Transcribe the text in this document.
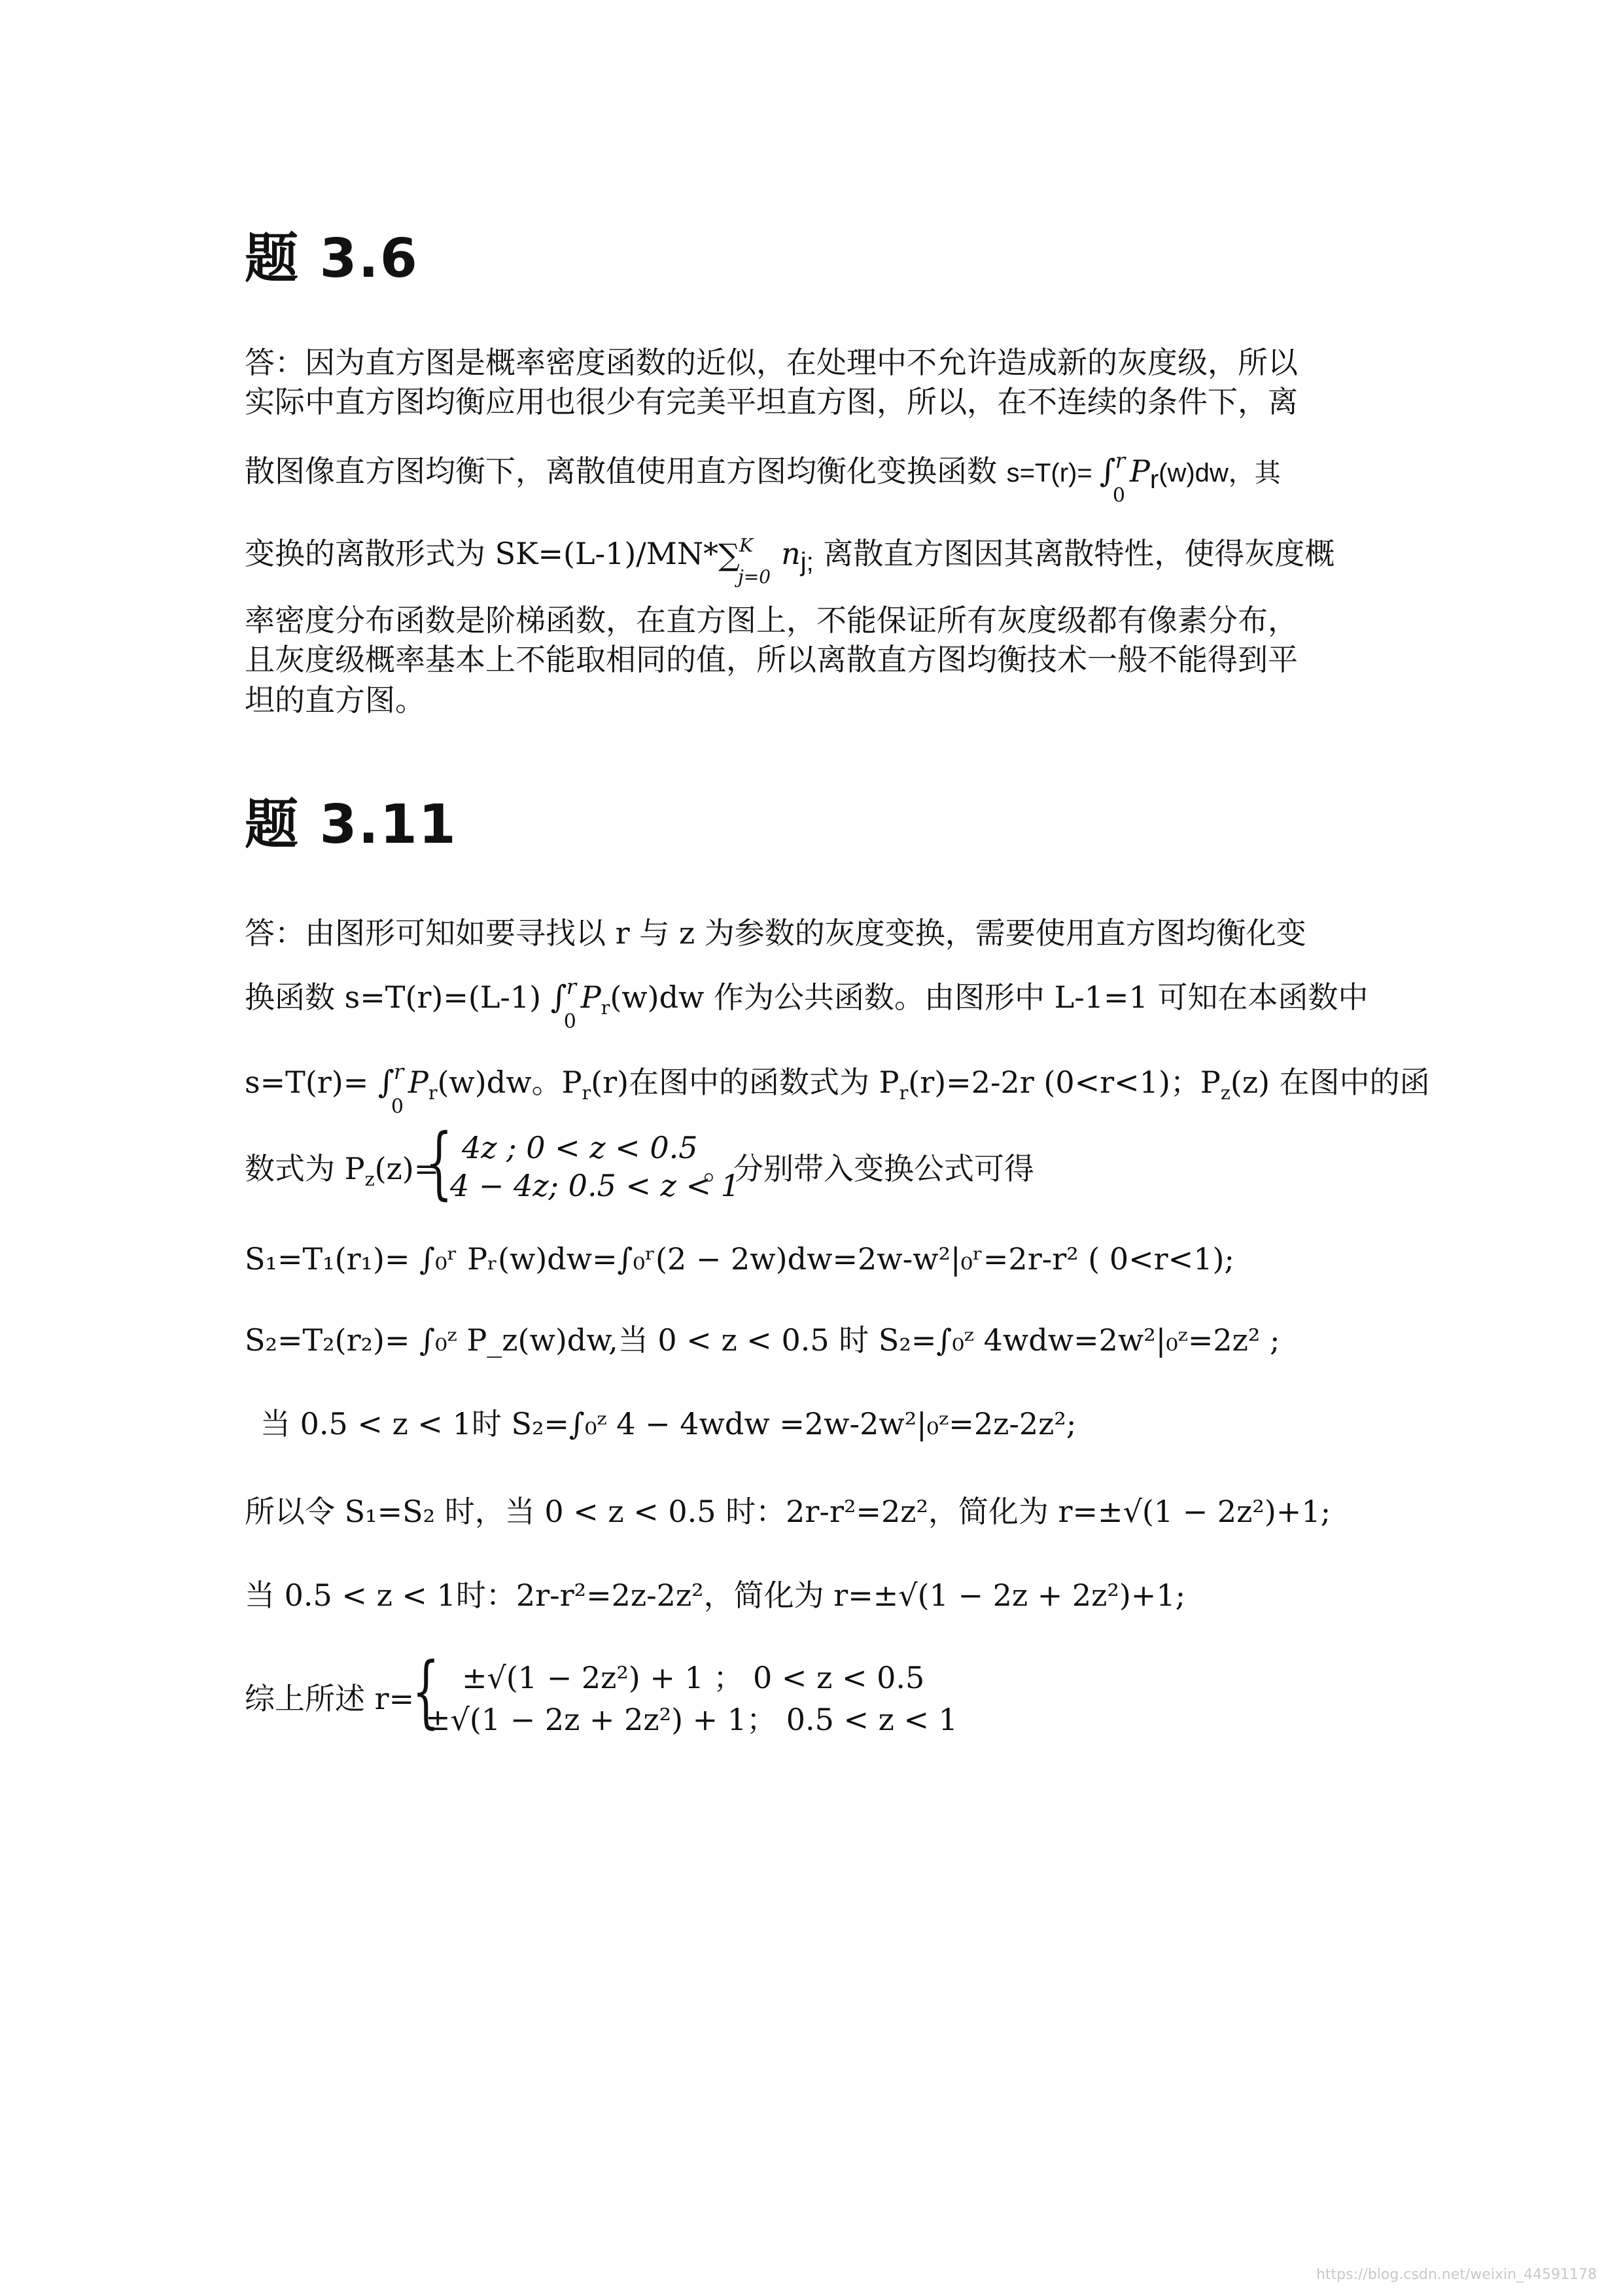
题 3.6
答：因为直方图是概率密度函数的近似，在处理中不允许造成新的灰度级，所以
实际中直方图均衡应用也很少有完美平坦直方图，所以，在不连续的条件下，离
散图像直方图均衡下，离散值使用直方图均衡化变换函数 s=T(r)= ∫
r
0
$P_r(w)dw$，其
变换的离散形式为 SK=(L-1)/MN* ∑ K
j=0
$n_{j;}$ 离散直方图因其离散特性，使得灰度概
率密度分布函数是阶梯函数，在直方图上，不能保证所有灰度级都有像素分布，
且灰度级概率基本上不能取相同的值，所以离散直方图均衡技术一般不能得到平
坦的直方图。
题 3.11
答：由图形可知如要寻找以 r 与 z 为参数的灰度变换，需要使用直方图均衡化变
换函数 s=T(r)=(L-1) ∫
r
0
$P_r(w)dw$ 作为公共函数。由图形中 L-1=1 可知在本函数中
s=T(r)= ∫
r
0
$P_r(w)dw$。$P_r(r)$在图中的函数式为 $P_r(r)=2-2r$ (0<r<1)；$P_z(z)$ 在图中的函
数式为 $P_z(z)=$
{ 4z ; 0 < z < 0.5
4 − 4z; 0.5 < z < 1
。分别带入变换公式可得
S₁=T₁(r₁)= ∫₀ʳ Pᵣ(w)dw=∫₀ʳ(2 − 2w)dw=2w-w²|₀ʳ=2r-r² ( 0<r<1);
S₂=T₂(r₂)= ∫₀ᶻ P_z(w)dw,当 0 < z < 0.5 时 S₂=∫₀ᶻ 4wdw=2w²|₀ᶻ=2z² ;
当 0.5 < z < 1时 S₂=∫₀ᶻ 4 − 4wdw =2w-2w²|₀ᶻ=2z-2z²;
所以令 S₁=S₂ 时，当 0 < z < 0.5 时：2r-r²=2z²，简化为 r=±√(1 − 2z²)+1;
当 0.5 < z < 1时：2r-r²=2z-2z²，简化为 r=±√(1 − 2z + 2z²)+1;
综上所述 r=
{ ±√(1 − 2z²) + 1 ； 0 < z < 0.5
±√(1 − 2z + 2z²) + 1； 0.5 < z < 1
https://blog.csdn.net/weixin_44591178
